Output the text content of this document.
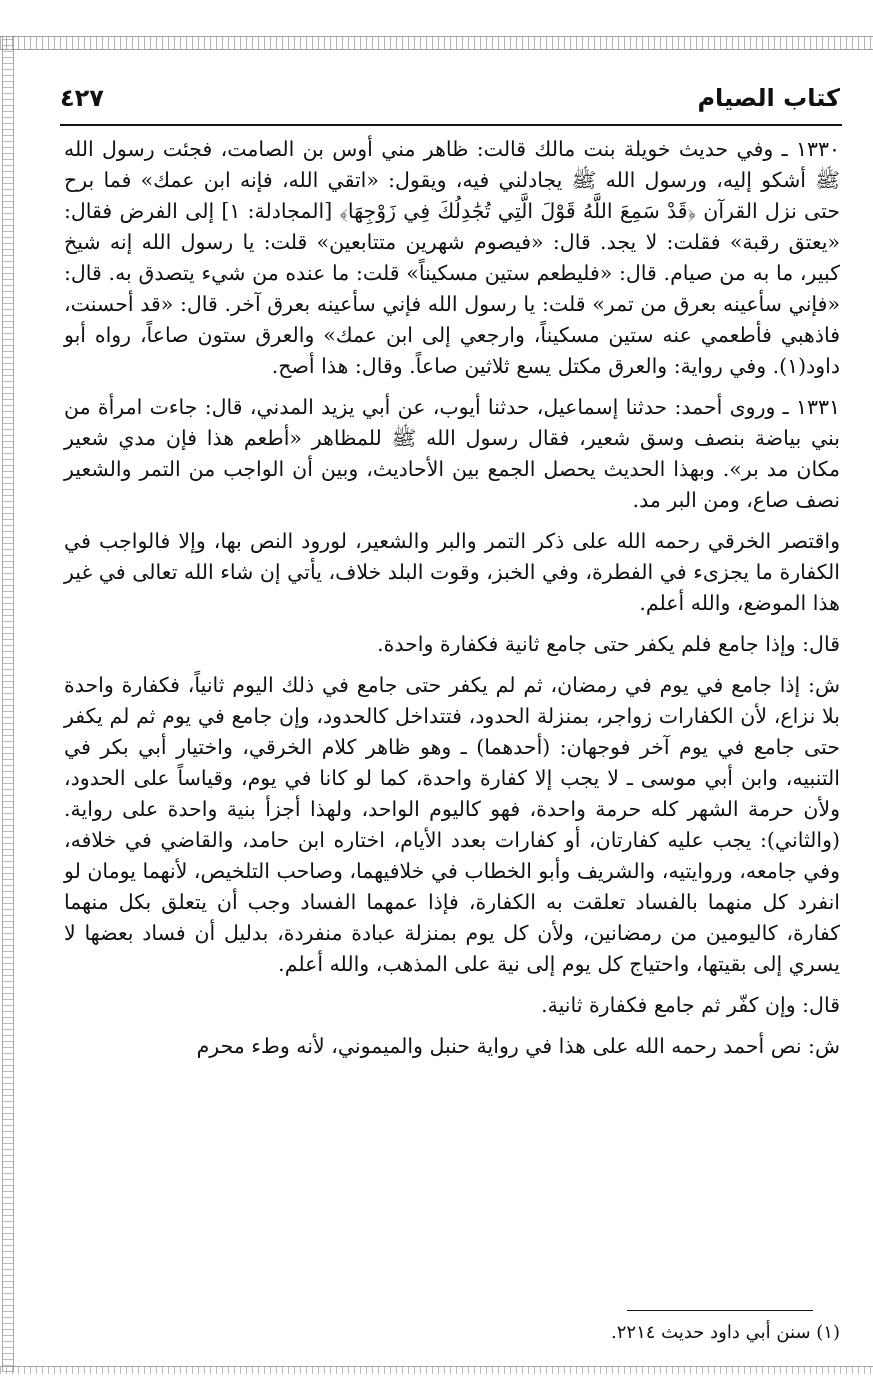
كتاب الصيام
٤٢٧

١٣٣٠ ـ وفي حديث خويلة بنت مالك قالت: ظاهر مني أوس بن الصامت، فجئت رسول الله ﷺ أشكو إليه، ورسول الله ﷺ يجادلني فيه، ويقول: «اتقي الله، فإنه ابن عمك» فما برح حتى نزل القرآن ﴿قَدْ سَمِعَ اللَّهُ قَوْلَ الَّتِي تُجَٰدِلُكَ فِي زَوْجِهَا﴾ [المجادلة: ١] إلى الفرض فقال: «يعتق رقبة» فقلت: لا يجد. قال: «فيصوم شهرين متتابعين» قلت: يا رسول الله إنه شيخ كبير، ما به من صيام. قال: «فليطعم ستين مسكيناً» قلت: ما عنده من شيء يتصدق به. قال: «فإني سأعينه بعرق من تمر» قلت: يا رسول الله فإني سأعينه بعرق آخر. قال: «قد أحسنت، فاذهبي فأطعمي عنه ستين مسكيناً، وارجعي إلى ابن عمك» والعرق ستون صاعاً، رواه أبو داود(١). وفي رواية: والعرق مكتل يسع ثلاثين صاعاً. وقال: هذا أصح.

١٣٣١ ـ وروى أحمد: حدثنا إسماعيل، حدثنا أيوب، عن أبي يزيد المدني، قال: جاءت امرأة من بني بياضة بنصف وسق شعير، فقال رسول الله ﷺ للمظاهر «أطعم هذا فإن مدي شعير مكان مد بر». وبهذا الحديث يحصل الجمع بين الأحاديث، وبين أن الواجب من التمر والشعير نصف صاع، ومن البر مد.

واقتصر الخرقي رحمه الله على ذكر التمر والبر والشعير، لورود النص بها، وإلا فالواجب في الكفارة ما يجزىء في الفطرة، وفي الخبز، وقوت البلد خلاف، يأتي إن شاء الله تعالى في غير هذا الموضع، والله أعلم.

قال: وإذا جامع فلم يكفر حتى جامع ثانية فكفارة واحدة.

ش: إذا جامع في يوم في رمضان، ثم لم يكفر حتى جامع في ذلك اليوم ثانياً، فكفارة واحدة بلا نزاع، لأن الكفارات زواجر، بمنزلة الحدود، فتتداخل كالحدود، وإن جامع في يوم ثم لم يكفر حتى جامع في يوم آخر فوجهان: (أحدهما) ـ وهو ظاهر كلام الخرقي، واختيار أبي بكر في التنبيه، وابن أبي موسى ـ لا يجب إلا كفارة واحدة، كما لو كانا في يوم، وقياساً على الحدود، ولأن حرمة الشهر كله حرمة واحدة، فهو كاليوم الواحد، ولهذا أجزأ بنية واحدة على رواية. (والثاني): يجب عليه كفارتان، أو كفارات بعدد الأيام، اختاره ابن حامد، والقاضي في خلافه، وفي جامعه، وروايتيه، والشريف وأبو الخطاب في خلافيهما، وصاحب التلخيص، لأنهما يومان لو انفرد كل منهما بالفساد تعلقت به الكفارة، فإذا عمهما الفساد وجب أن يتعلق بكل منهما كفارة، كاليومين من رمضانين، ولأن كل يوم بمنزلة عبادة منفردة، بدليل أن فساد بعضها لا يسري إلى بقيتها، واحتياج كل يوم إلى نية على المذهب، والله أعلم.

قال: وإن كفّر ثم جامع فكفارة ثانية.

ش: نص أحمد رحمه الله على هذا في رواية حنبل والميموني، لأنه وطء محرم

(١) سنن أبي داود حديث ٢٢١٤.
